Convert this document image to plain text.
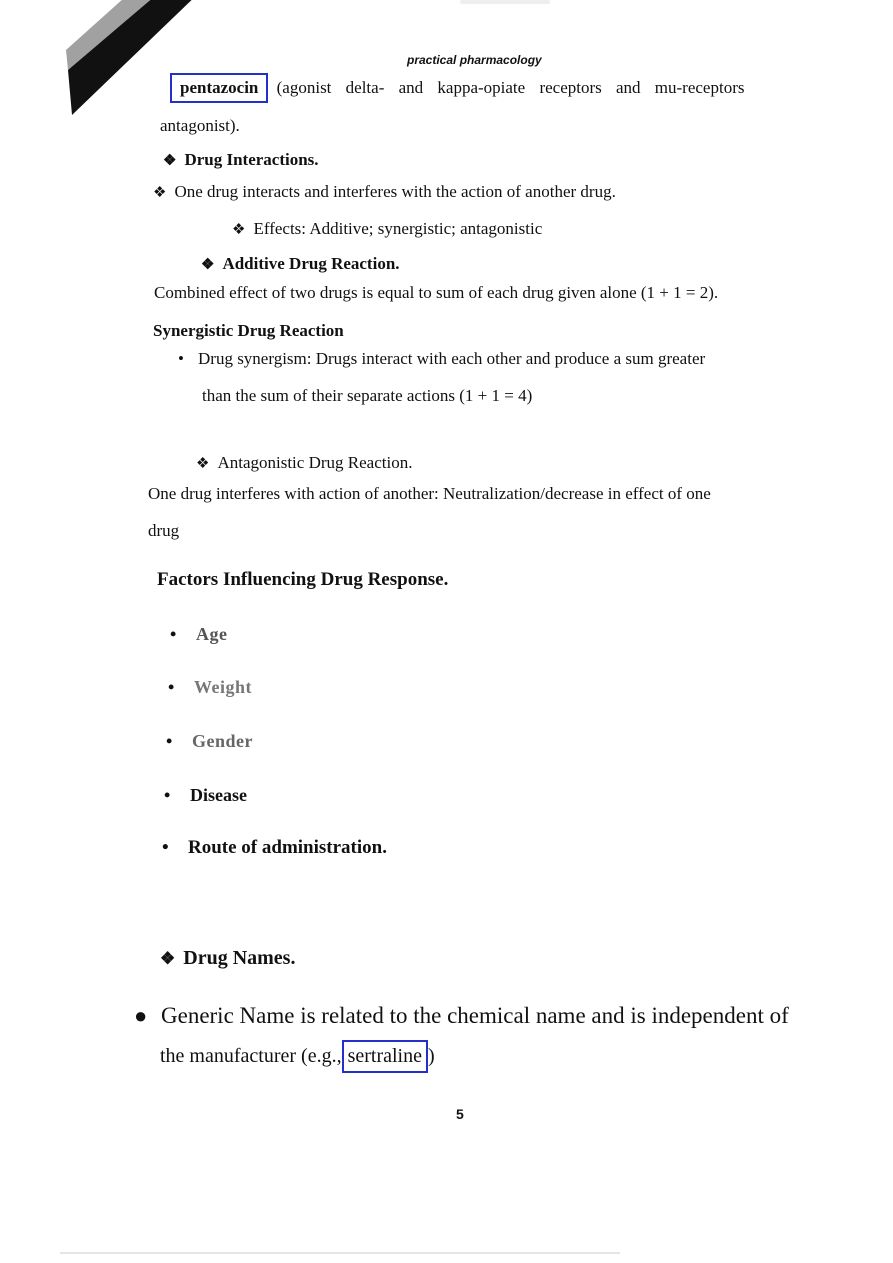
practical pharmacology
pentazocin (agonist delta- and kappa-opiate receptors and mu-receptors
antagonist).
❖ Drug Interactions.
❖ One drug interacts and interferes with the action of another drug.
❖ Effects: Additive; synergistic; antagonistic
❖ Additive Drug Reaction.
Combined effect of two drugs is equal to sum of each drug given alone (1 + 1 = 2).
Synergistic Drug Reaction
• Drug synergism: Drugs interact with each other and produce a sum greater
than the sum of their separate actions (1 + 1 = 4)
❖ Antagonistic Drug Reaction.
One drug interferes with action of another: Neutralization/decrease in effect of one
drug
Factors Influencing Drug Response.
• Age
• Weight
• Gender
• Disease
• Route of administration.
❖ Drug Names.
● Generic Name is related to the chemical name and is independent of
the manufacturer (e.g., sertraline )
5
